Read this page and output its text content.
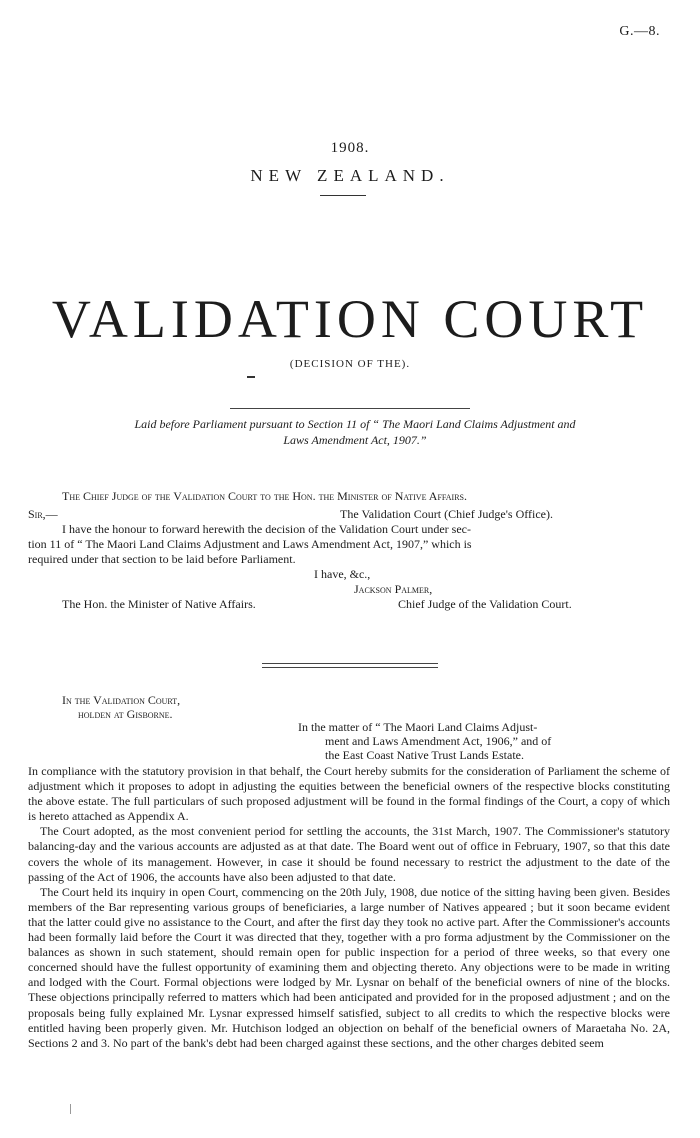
G.—8.
1908.
NEW ZEALAND.
VALIDATION COURT
(DECISION OF THE).
Laid before Parliament pursuant to Section 11 of “ The Maori Land Claims Adjustment and
Laws Amendment Act, 1907.”
The Chief Judge of the Validation Court to the Hon. the Minister of Native Affairs.
Sir,—	The Validation Court (Chief Judge's Office).
I have the honour to forward herewith the decision of the Validation Court under sec-
tion 11 of “ The Maori Land Claims Adjustment and Laws Amendment Act, 1907,” which is
required under that section to be laid before Parliament.
I have, &c.,
Jackson Palmer,
The Hon. the Minister of Native Affairs.	Chief Judge of the Validation Court.
In the Validation Court,
holden at Gisborne.
In the matter of “ The Maori Land Claims Adjust-
ment and Laws Amendment Act, 1906,” and of
the East Coast Native Trust Lands Estate.

In compliance with the statutory provision in that behalf, the Court hereby submits for the consideration of Parliament the scheme of adjustment which it proposes to adopt in adjusting the equities between the beneficial owners of the respective blocks constituting the above estate. The full particulars of such proposed adjustment will be found in the formal findings of the Court, a copy of which is hereto attached as Appendix A.

The Court adopted, as the most convenient period for settling the accounts, the 31st March, 1907. The Commissioner's statutory balancing-day and the various accounts are adjusted as at that date. The Board went out of office in February, 1907, so that this date covers the whole of its management. However, in case it should be found necessary to restrict the adjustment to the date of the passing of the Act of 1906, the accounts have also been adjusted to that date.

The Court held its inquiry in open Court, commencing on the 20th July, 1908, due notice of the sitting having been given. Besides members of the Bar representing various groups of beneficiaries, a large number of Natives appeared ; but it soon became evident that the latter could give no assistance to the Court, and after the first day they took no active part. After the Commissioner's accounts had been formally laid before the Court it was directed that they, together with a pro forma adjustment by the Commissioner on the balances as shown in such statement, should remain open for public inspection for a period of three weeks, so that every one concerned should have the fullest opportunity of examining them and objecting thereto. Any objections were to be made in writing and lodged with the Court. Formal objections were lodged by Mr. Lysnar on behalf of the beneficial owners of nine of the blocks. These objections principally referred to matters which had been anticipated and provided for in the proposed adjustment ; and on the proposals being fully explained Mr. Lysnar expressed himself satisfied, subject to all credits to which the respective blocks were entitled having been properly given. Mr. Hutchison lodged an objection on behalf of the beneficial owners of Maraetaha No. 2A, Sections 2 and 3. No part of the bank's debt had been charged against these sections, and the other charges debited seem
